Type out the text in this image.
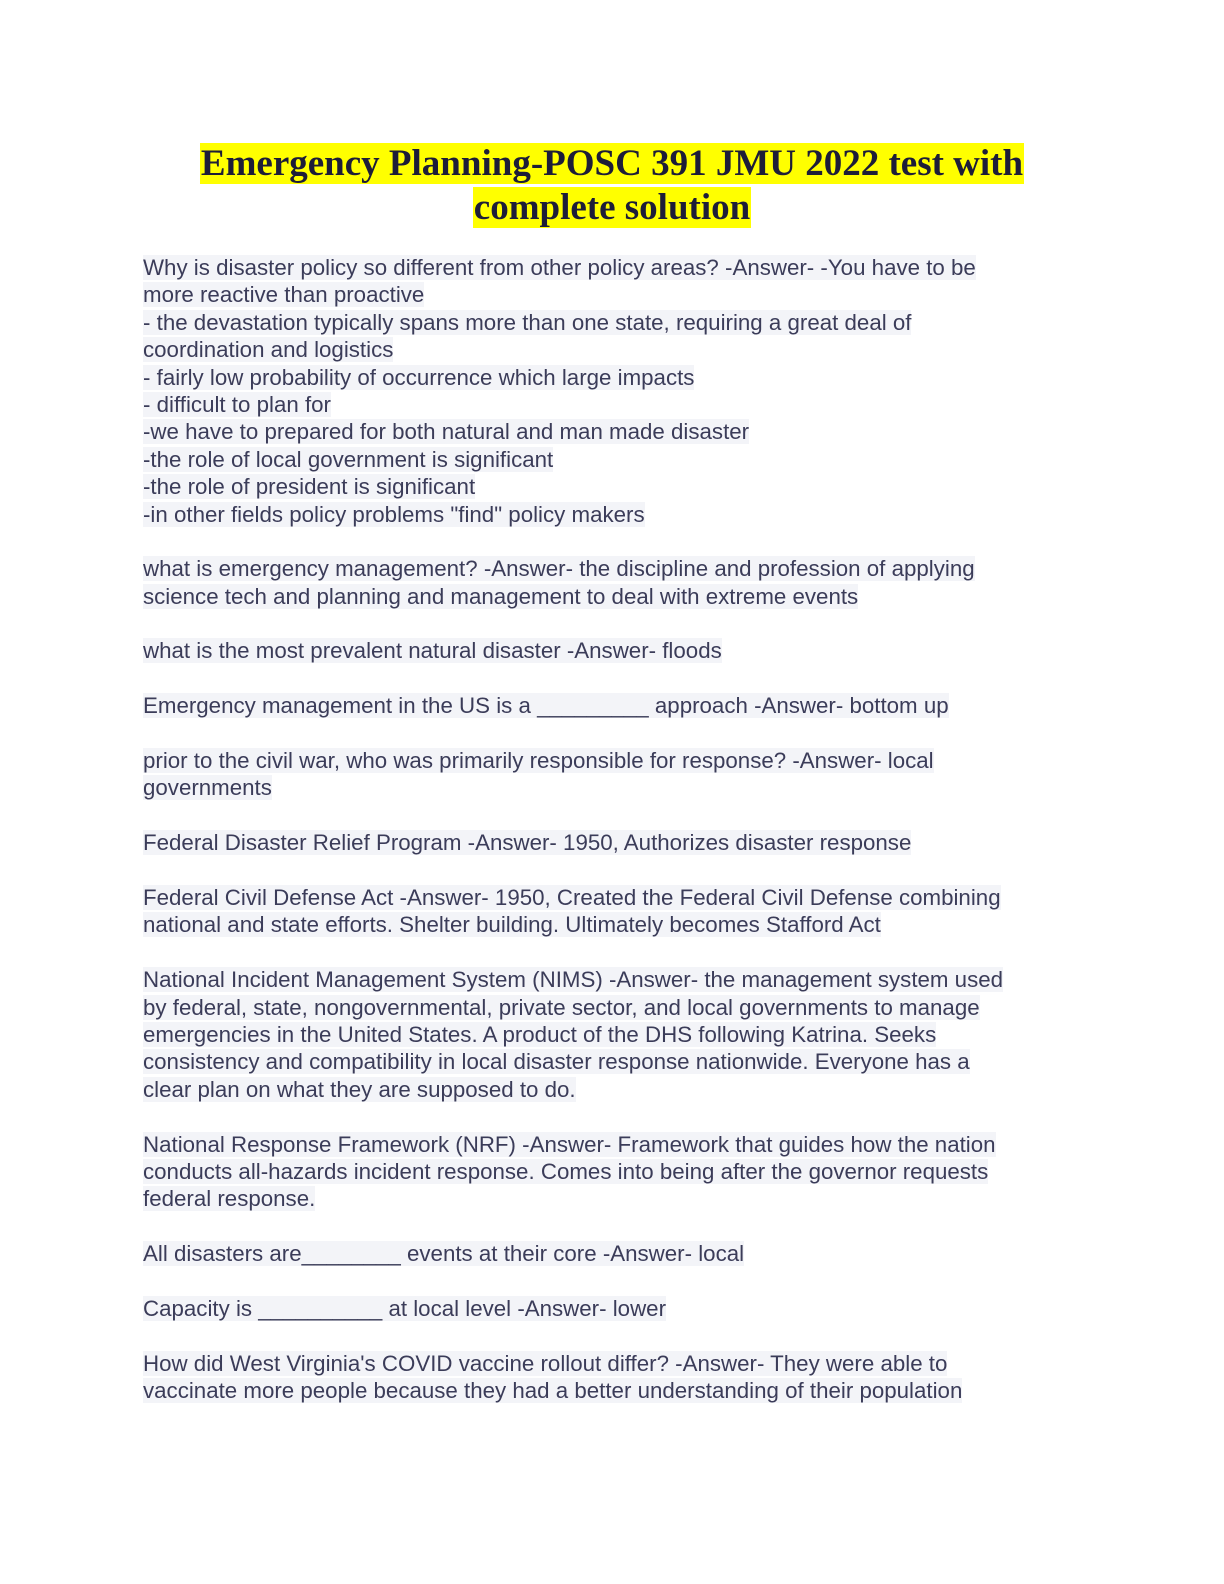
Emergency Planning-POSC 391 JMU 2022 test with
complete solution
Why is disaster policy so different from other policy areas? -Answer- -You have to be
more reactive than proactive
- the devastation typically spans more than one state, requiring a great deal of
coordination and logistics
- fairly low probability of occurrence which large impacts
- difficult to plan for
-we have to prepared for both natural and man made disaster
-the role of local government is significant
-the role of president is significant
-in other fields policy problems "find" policy makers
what is emergency management? -Answer- the discipline and profession of applying
science tech and planning and management to deal with extreme events
what is the most prevalent natural disaster -Answer- floods
Emergency management in the US is a _________ approach -Answer- bottom up
prior to the civil war, who was primarily responsible for response? -Answer- local
governments
Federal Disaster Relief Program -Answer- 1950, Authorizes disaster response
Federal Civil Defense Act -Answer- 1950, Created the Federal Civil Defense combining
national and state efforts. Shelter building. Ultimately becomes Stafford Act
National Incident Management System (NIMS) -Answer- the management system used
by federal, state, nongovernmental, private sector, and local governments to manage
emergencies in the United States. A product of the DHS following Katrina. Seeks
consistency and compatibility in local disaster response nationwide. Everyone has a
clear plan on what they are supposed to do.
National Response Framework (NRF) -Answer- Framework that guides how the nation
conducts all-hazards incident response. Comes into being after the governor requests
federal response.
All disasters are________ events at their core -Answer- local
Capacity is __________ at local level -Answer- lower
How did West Virginia's COVID vaccine rollout differ? -Answer- They were able to
vaccinate more people because they had a better understanding of their population
